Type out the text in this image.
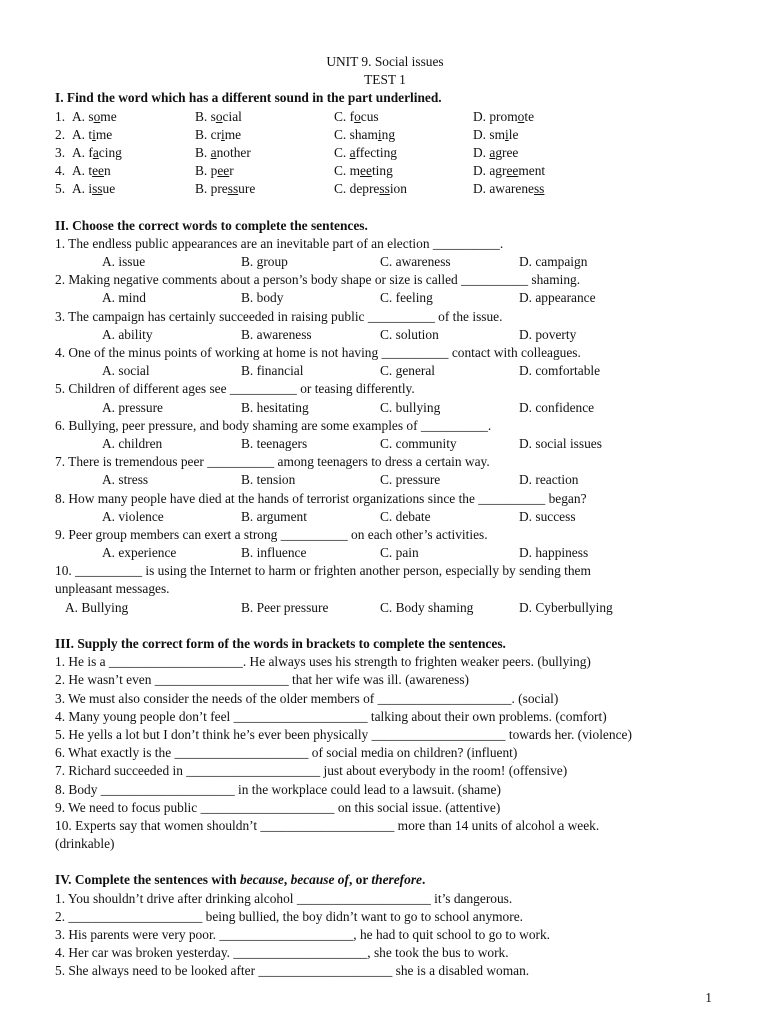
UNIT 9. Social issues
TEST 1
I. Find the word which has a different sound in the part underlined.
1. A. some	B. social	C. focus	D. promote
2. A. time	B. crime	C. shaming	D. smile
3. A. facing	B. another	C. affecting	D. agree
4. A. teen	B. peer	C. meeting	D. agreement
5. A. issue	B. pressure	C. depression	D. awareness
II. Choose the correct words to complete the sentences.
1. The endless public appearances are an inevitable part of an election __________.
A. issue	B. group	C. awareness	D. campaign
2. Making negative comments about a person’s body shape or size is called __________ shaming.
A. mind	B. body	C. feeling	D. appearance
3. The campaign has certainly succeeded in raising public __________ of the issue.
A. ability	B. awareness	C. solution	D. poverty
4. One of the minus points of working at home is not having __________ contact with colleagues.
A. social	B. financial	C. general	D. comfortable
5. Children of different ages see __________ or teasing differently.
A. pressure	B. hesitating	C. bullying	D. confidence
6. Bullying, peer pressure, and body shaming are some examples of __________.
A. children	B. teenagers	C. community	D. social issues
7. There is tremendous peer __________ among teenagers to dress a certain way.
A. stress	B. tension	C. pressure	D. reaction
8. How many people have died at the hands of terrorist organizations since the __________ began?
A. violence	B. argument	C. debate	D. success
9. Peer group members can exert a strong __________ on each other’s activities.
A. experience	B. influence	C. pain	D. happiness
10. __________ is using the Internet to harm or frighten another person, especially by sending them
unpleasant messages.
A. Bullying	B. Peer pressure	C. Body shaming	D. Cyberbullying
III. Supply the correct form of the words in brackets to complete the sentences.
1. He is a ____________________. He always uses his strength to frighten weaker peers. (bullying)
2. He wasn’t even ____________________ that her wife was ill. (awareness)
3. We must also consider the needs of the older members of ____________________. (social)
4. Many young people don’t feel ____________________ talking about their own problems. (comfort)
5. He yells a lot but I don’t think he’s ever been physically ____________________ towards her. (violence)
6. What exactly is the ____________________ of social media on children? (influent)
7. Richard succeeded in ____________________ just about everybody in the room! (offensive)
8. Body ____________________ in the workplace could lead to a lawsuit. (shame)
9. We need to focus public ____________________ on this social issue. (attentive)
10. Experts say that women shouldn’t ____________________ more than 14 units of alcohol a week.
(drinkable)
IV. Complete the sentences with because, because of, or therefore.
1. You shouldn’t drive after drinking alcohol ____________________ it’s dangerous.
2. ____________________ being bullied, the boy didn’t want to go to school anymore.
3. His parents were very poor. ____________________, he had to quit school to go to work.
4. Her car was broken yesterday. ____________________, she took the bus to work.
5. She always need to be looked after ____________________ she is a disabled woman.
1
